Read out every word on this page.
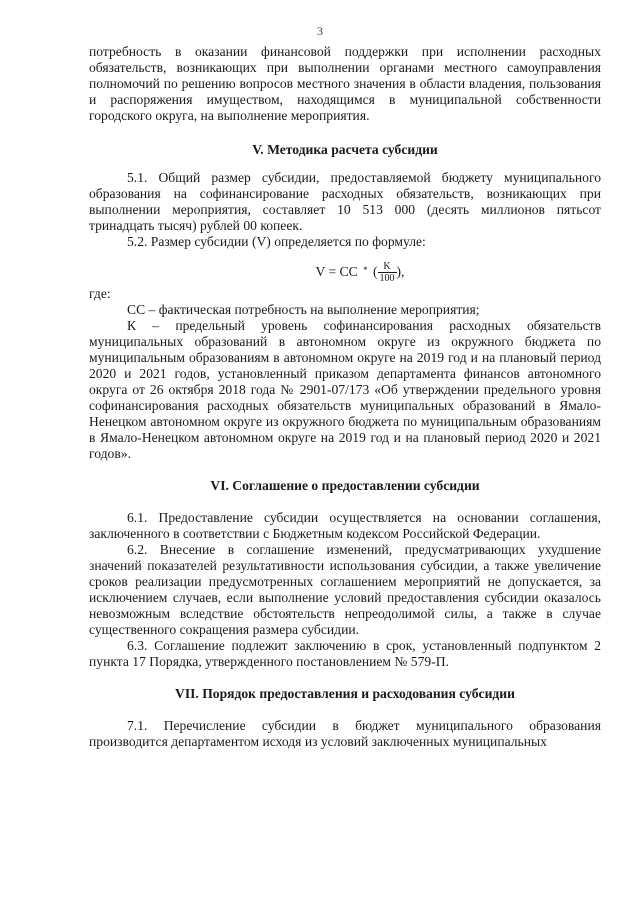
3

потребность в оказании финансовой поддержки при исполнении расходных обязательств, возникающих при выполнении органами местного самоуправления полномочий по решению вопросов местного значения в области владения, пользования и распоряжения имуществом, находящимся в муниципальной собственности городского округа, на выполнение мероприятия.

V. Методика расчета субсидии

5.1. Общий размер субсидии, предоставляемой бюджету муниципального образования на софинансирование расходных обязательств, возникающих при выполнении мероприятия, составляет 10 513 000 (десять миллионов пятьсот тринадцать тысяч) рублей 00 копеек.

5.2. Размер субсидии (V) определяется по формуле:

V = CC * ( $\frac{K}{100}$ ),

где:

СС – фактическая потребность на выполнение мероприятия;

К – предельный уровень софинансирования расходных обязательств муниципальных образований в автономном округе из окружного бюджета по муниципальным образованиям в автономном округе на 2019 год и на плановый период 2020 и 2021 годов, установленный приказом департамента финансов автономного округа от 26 октября 2018 года № 2901-07/173 «Об утверждении предельного уровня софинансирования расходных обязательств муниципальных образований в Ямало-Ненецком автономном округе из окружного бюджета по муниципальным образованиям в Ямало-Ненецком автономном округе на 2019 год и на плановый период 2020 и 2021 годов».

VI. Соглашение о предоставлении субсидии

6.1. Предоставление субсидии осуществляется на основании соглашения, заключенного в соответствии с Бюджетным кодексом Российской Федерации.

6.2. Внесение в соглашение изменений, предусматривающих ухудшение значений показателей результативности использования субсидии, а также увеличение сроков реализации предусмотренных соглашением мероприятий не допускается, за исключением случаев, если выполнение условий предоставления субсидии оказалось невозможным вследствие обстоятельств непреодолимой силы, а также в случае существенного сокращения размера субсидии.

6.3. Соглашение подлежит заключению в срок, установленный подпунктом 2 пункта 17 Порядка, утвержденного постановлением № 579-П.

VII. Порядок предоставления и расходования субсидии

7.1. Перечисление субсидии в бюджет муниципального образования производится департаментом исходя из условий заключенных муниципальных
